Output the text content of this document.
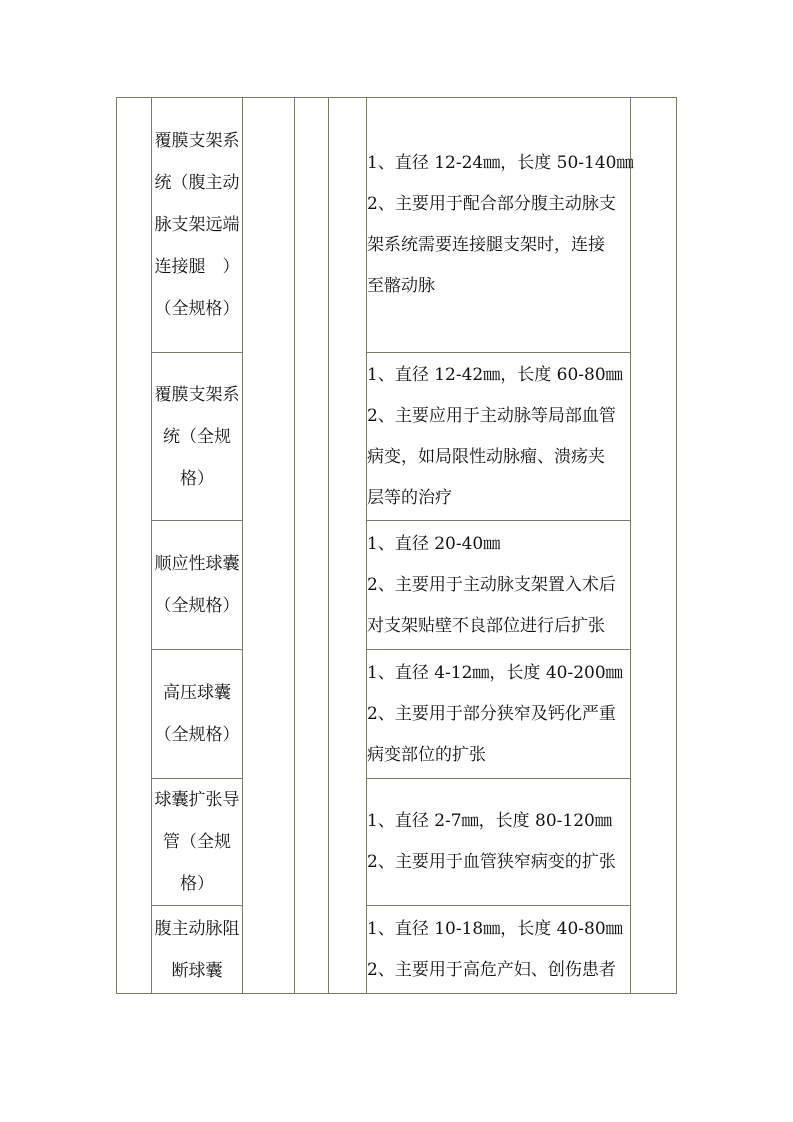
	覆膜支架系统（腹主动脉支架远端连接腿　）（全规格）				1、直径 12-24㎜，长度 50-140㎜
2、主要用于配合部分腹主动脉支
架系统需要连接腿支架时，连接
至髂动脉	

	覆膜支架系统（全规格）				1、直径 12-42㎜，长度 60-80㎜
2、主要应用于主动脉等局部血管
病变，如局限性动脉瘤、溃疡夹
层等的治疗	

	顺应性球囊（全规格）				1、直径 20-40㎜
2、主要用于主动脉支架置入术后
对支架贴壁不良部位进行后扩张	

	高压球囊（全规格）				1、直径 4-12㎜，长度 40-200㎜
2、主要用于部分狭窄及钙化严重
病变部位的扩张	

	球囊扩张导管（全规格）				1、直径 2-7㎜，长度 80-120㎜
2、主要用于血管狭窄病变的扩张	

	腹主动脉阻断球囊				1、直径 10-18㎜，长度 40-80㎜
2、主要用于高危产妇、创伤患者	
